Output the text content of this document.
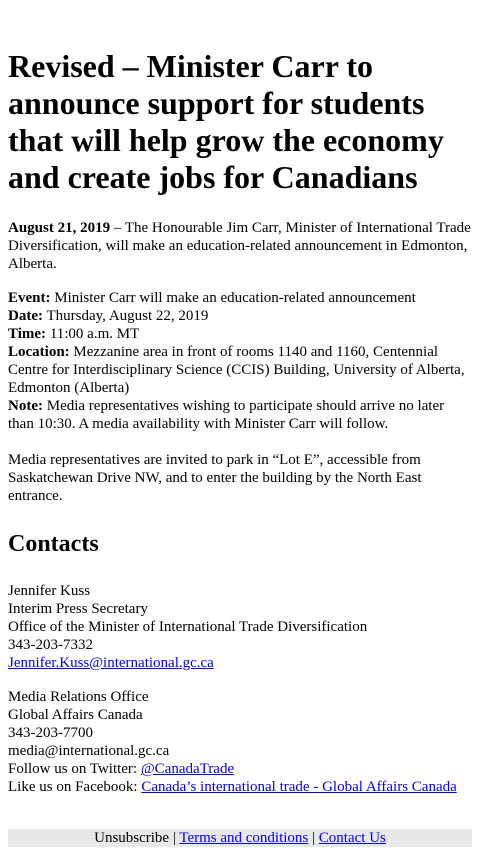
Revised – Minister Carr to announce support for students that will help grow the economy and create jobs for Canadians

August 21, 2019 – The Honourable Jim Carr, Minister of International Trade Diversification, will make an education-related announcement in Edmonton, Alberta.

Event: Minister Carr will make an education-related announcement
Date: Thursday, August 22, 2019
Time: 11:00 a.m. MT
Location: Mezzanine area in front of rooms 1140 and 1160, Centennial Centre for Interdisciplinary Science (CCIS) Building, University of Alberta, Edmonton (Alberta)
Note: Media representatives wishing to participate should arrive no later than 10:30. A media availability with Minister Carr will follow.

Media representatives are invited to park in “Lot E”, accessible from Saskatchewan Drive NW, and to enter the building by the North East entrance.

Contacts
Jennifer Kuss
Interim Press Secretary
Office of the Minister of International Trade Diversification
343-203-7332
Jennifer.Kuss@international.gc.ca
Media Relations Office
Global Affairs Canada
343-203-7700
media@international.gc.ca
Follow us on Twitter: @CanadaTrade
Like us on Facebook: Canada’s international trade - Global Affairs Canada
Unsubscribe | Terms and conditions | Contact Us
